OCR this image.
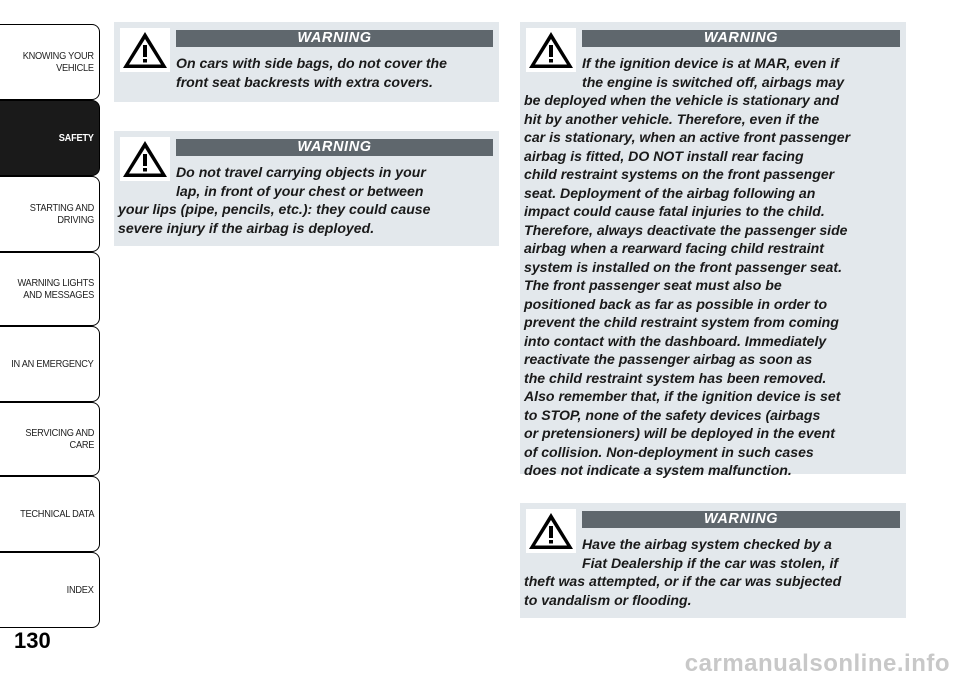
KNOWING YOUR
VEHICLE
SAFETY
STARTING AND
DRIVING
WARNING LIGHTS
AND MESSAGES
IN AN EMERGENCY
SERVICING AND
CARE
TECHNICAL DATA
INDEX
130
WARNING
On cars with side bags, do not cover the
front seat backrests with extra covers.
WARNING
Do not travel carrying objects in your
lap, in front of your chest or between
your lips (pipe, pencils, etc.): they could cause
severe injury if the airbag is deployed.
WARNING
If the ignition device is at MAR, even if
the engine is switched off, airbags may
be deployed when the vehicle is stationary and
hit by another vehicle. Therefore, even if the
car is stationary, when an active front passenger
airbag is fitted, DO NOT install rear facing
child restraint systems on the front passenger
seat. Deployment of the airbag following an
impact could cause fatal injuries to the child.
Therefore, always deactivate the passenger side
airbag when a rearward facing child restraint
system is installed on the front passenger seat.
The front passenger seat must also be
positioned back as far as possible in order to
prevent the child restraint system from coming
into contact with the dashboard. Immediately
reactivate the passenger airbag as soon as
the child restraint system has been removed.
Also remember that, if the ignition device is set
to STOP, none of the safety devices (airbags
or pretensioners) will be deployed in the event
of collision. Non-deployment in such cases
does not indicate a system malfunction.
WARNING
Have the airbag system checked by a
Fiat Dealership if the car was stolen, if
theft was attempted, or if the car was subjected
to vandalism or flooding.
carmanualsonline.info
